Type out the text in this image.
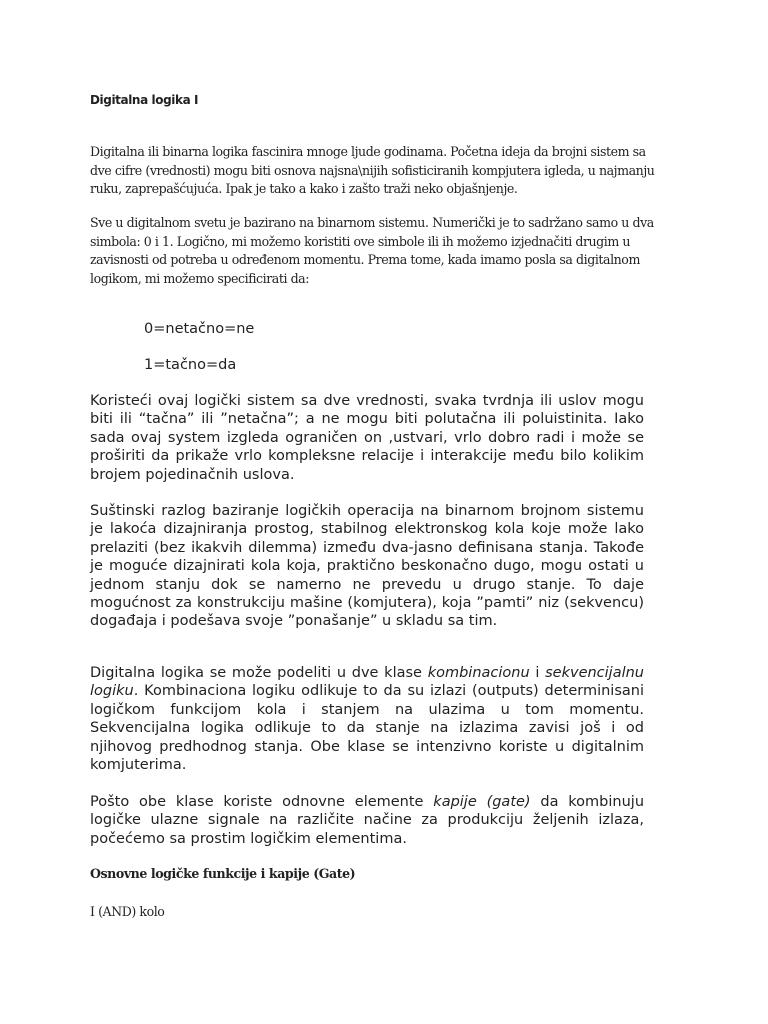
Digitalna logika I

Digitalna ili binarna logika fascinira mnoge ljude godinama. Početna ideja da brojni sistem sa dve cifre (vrednosti) mogu biti osnova najsna\nijih sofisticiranih kompjutera igleda, u najmanju ruku, zaprepašćujuća. Ipak je tako a kako i zašto traži neko objašnjenje.

Sve u digitalnom svetu je bazirano na binarnom sistemu. Numerički je to sadržano samo u dva simbola: 0 i 1. Logično, mi možemo koristiti ove simbole ili ih možemo izjednačiti drugim u zavisnosti od potreba u određenom momentu. Prema tome, kada imamo posla sa digitalnom logikom, mi možemo specificirati da:

0=netačno=ne
1=tačno=da

Koristeći ovaj logički sistem sa dve vrednosti, svaka tvrdnja ili uslov mogu biti ili “tačna” ili ”netačna”; a ne mogu biti polutačna ili poluistinita. Iako sada ovaj system izgleda ograničen on ,ustvari, vrlo dobro radi i može se proširiti da prikaže vrlo kompleksne relacije i interakcije među bilo kolikim brojem pojedinačnih uslova.

Suštinski razlog baziranje logičkih operacija na binarnom brojnom sistemu je lakoća dizajniranja prostog, stabilnog elektronskog kola koje može lako prelaziti (bez ikakvih dilemma) između dva-jasno definisana stanja. Takođe je moguće dizajnirati kola koja, praktično beskonačno dugo, mogu ostati u jednom stanju dok se namerno ne prevedu u drugo stanje. To daje mogućnost za konstrukciju mašine (komjutera), koja ”pamti” niz (sekvencu) događaja i podešava svoje ”ponašanje” u skladu sa tim.

Digitalna logika se može podeliti u dve klase kombinacionu i sekvencijalnu logiku. Kombinaciona logiku odlikuje to da su izlazi (outputs) determinisani logičkom funkcijom kola i stanjem na ulazima u tom momentu. Sekvencijalna logika odlikuje to da stanje na izlazima zavisi još i od njihovog predhodnog stanja. Obe klase se intenzivno koriste u digitalnim komjuterima.

Pošto obe klase koriste odnovne elemente kapije (gate) da kombinuju logičke ulazne signale na različite načine za produkciju željenih izlaza, počećemo sa prostim logičkim elementima.

Osnovne logičke funkcije i kapije (Gate)
I (AND) kolo
